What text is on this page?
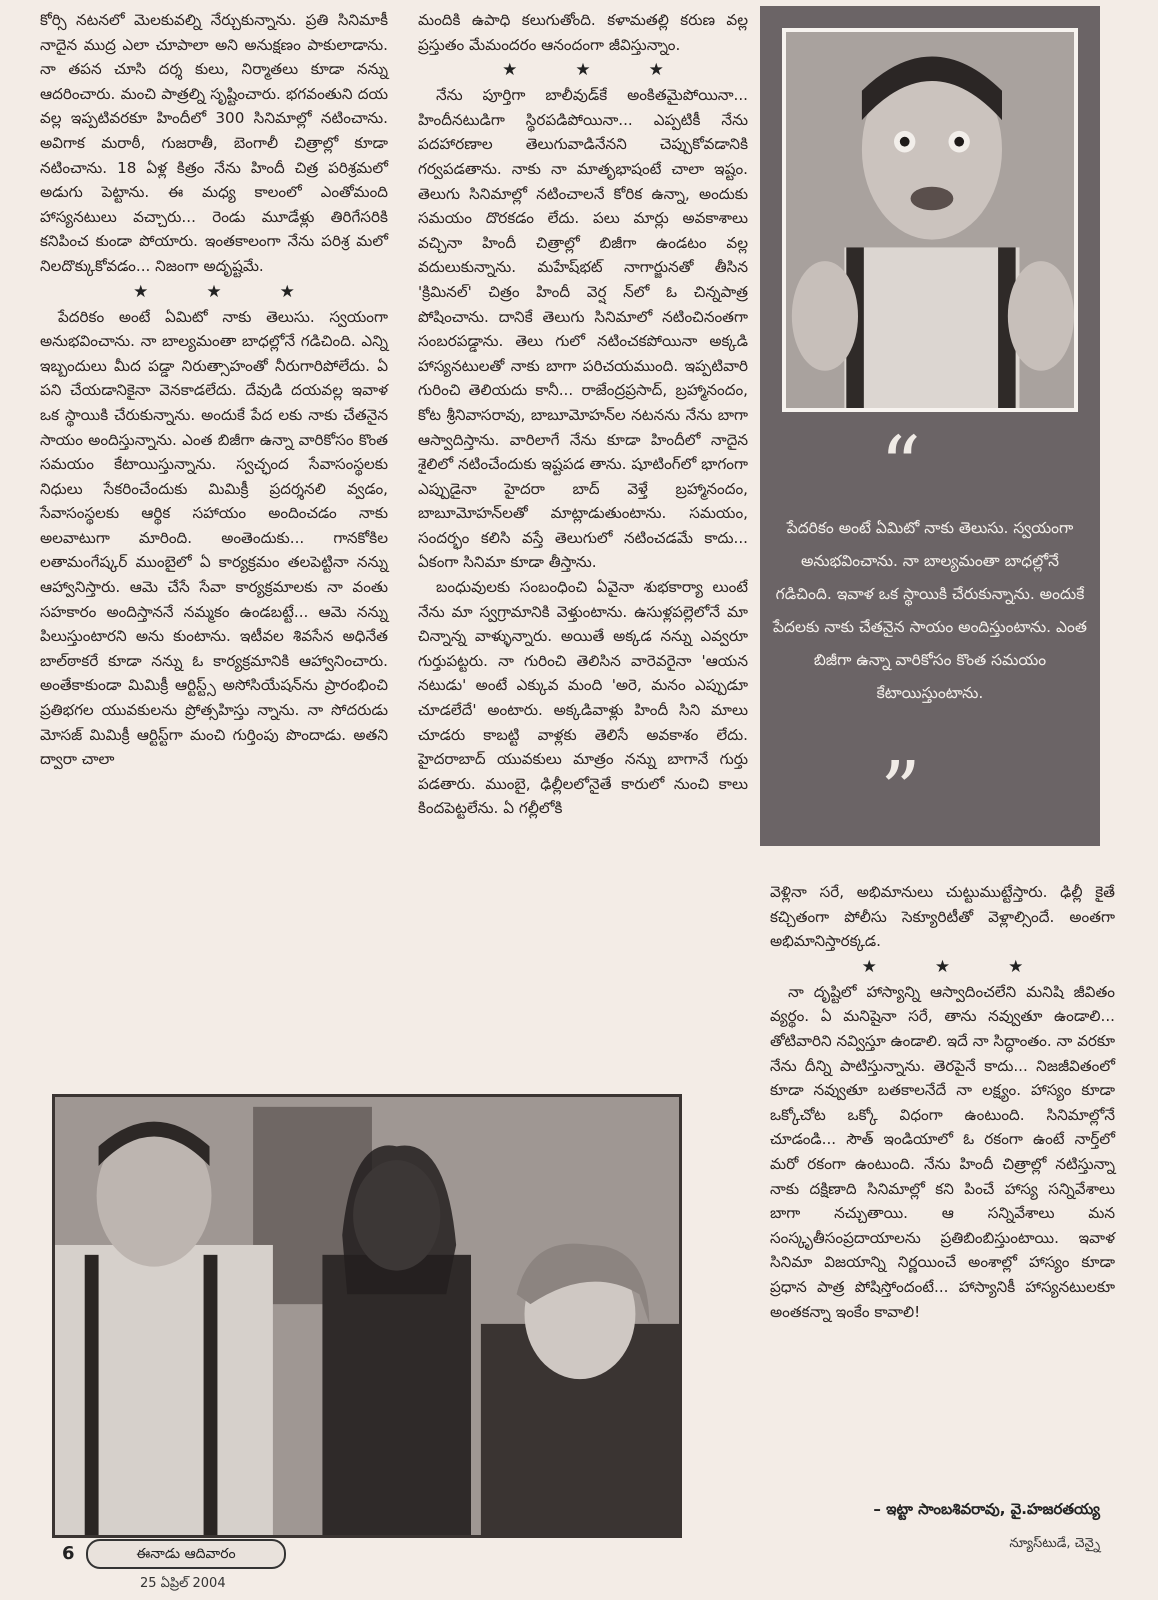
కోర్సి నటనలో మెలకువల్ని నేర్చుకున్నాను. ప్రతి సినిమాకీ నాదైన ముద్ర ఎలా చూపాలా అని అనుక్షణం పాకులాడాను. నా తపన చూసి దర్శ కులు, నిర్మాతలు కూడా నన్ను ఆదరించారు. మంచి పాత్రల్ని సృష్టించారు. భగవంతుని దయ వల్ల ఇప్పటివరకూ హిందీలో 300 సినిమాల్లో నటించాను. అవిగాక మరాఠీ, గుజరాతీ, బెంగాలీ చిత్రాల్లో కూడా నటించాను. 18 ఏళ్ల కిత్రం నేను హిందీ చిత్ర పరిశ్రమలో అడుగు పెట్టాను. ఈ మధ్య కాలంలో ఎంతోమంది హాస్యనటులు వచ్చారు... రెండు మూడేళ్లు తిరిగేసరికి కనిపించ కుండా పోయారు. ఇంతకాలంగా నేను పరిశ్ర మలో నిలదొక్కుకోవడం... నిజంగా అదృష్టమే.

★★★

పేదరికం అంటే ఏమిటో నాకు తెలుసు. స్వయంగా అనుభవించాను. నా బాల్యమంతా బాధల్లోనే గడిచింది. ఎన్ని ఇబ్బందులు మీద పడ్డా నిరుత్సాహంతో నీరుగారిపోలేదు. ఏ పని చేయడానికైనా వెనకాడలేదు. దేవుడి దయవల్ల ఇవాళ ఒక స్థాయికి చేరుకున్నాను. అందుకే పేద లకు నాకు చేతనైన సాయం అందిస్తున్నాను. ఎంత బిజీగా ఉన్నా వారికోసం కొంత సమయం కేటాయిస్తున్నాను. స్వచ్ఛంద సేవాసంస్థలకు నిధులు సేకరించేందుకు మిమిక్రీ ప్రదర్శనలి వ్వడం, సేవాసంస్థలకు ఆర్థిక సహాయం అందించడం నాకు అలవాటుగా మారింది. అంతెందుకు... గానకోకిల లతామంగేష్కర్ ముంబైలో ఏ కార్యక్రమం తలపెట్టినా నన్ను ఆహ్వానిస్తారు. ఆమె చేసే సేవా కార్యక్రమాలకు నా వంతు సహకారం అందిస్తాననే నమ్మకం ఉండబట్టే... ఆమె నన్ను పిలుస్తుంటారని అను కుంటాను. ఇటీవల శివసేన అధినేత బాల్‌ఠాకరే కూడా నన్ను ఓ కార్యక్రమానికి ఆహ్వానించారు. అంతేకాకుండా మిమిక్రీ ఆర్టిస్ట్స్ అసోసియేషన్‌ను ప్రారంభించి ప్రతిభగల యువకులను ప్రోత్సహిస్తు న్నాను. నా సోదరుడు మోసజ్ మిమిక్రీ ఆర్టిస్ట్‌గా మంచి గుర్తింపు పొందాడు. అతని ద్వారా చాలా

మందికి ఉపాధి కలుగుతోంది. కళామతల్లి కరుణ వల్ల ప్రస్తుతం మేమందరం ఆనందంగా జీవిస్తున్నాం.

★★★

నేను పూర్తిగా బాలీవుడ్‌కే అంకితమైపోయినా... హిందీనటుడిగా స్థిరపడిపోయినా... ఎప్పటికీ నేను పదహారణాల తెలుగువాడినేనని చెప్పుకోవడానికి గర్వపడతాను. నాకు నా మాతృభాషంటే చాలా ఇష్టం. తెలుగు సినిమాల్లో నటించాలనే కోరిక ఉన్నా, అందుకు సమయం దొరకడం లేదు. పలు మార్లు అవకాశాలు వచ్చినా హిందీ చిత్రాల్లో బిజీగా ఉండటం వల్ల వదులుకున్నాను. మహేష్‌భట్ నాగార్జునతో తీసిన 'క్రిమినల్' చిత్రం హిందీ వెర్ష న్‌లో ఓ చిన్నపాత్ర పోషించాను. దానికే తెలుగు సినిమాలో నటించినంతగా సంబరపడ్డాను. తెలు గులో నటించకపోయినా అక్కడి హాస్యనటులతో నాకు బాగా పరిచయముంది. ఇప్పటివారి గురించి తెలియదు కానీ... రాజేంద్రప్రసాద్, బ్రహ్మానందం, కోట శ్రీనివాసరావు, బాబూమోహన్‌ల నటనను నేను బాగా ఆస్వాదిస్తాను. వారిలాగే నేను కూడా హిందీలో నాదైన శైలిలో నటించేందుకు ఇష్టపడ తాను. షూటింగ్‌లో భాగంగా ఎప్పుడైనా హైదరా బాద్ వెళ్తే బ్రహ్మానందం, బాబూమోహన్‌లతో మాట్లాడుతుంటాను. సమయం, సందర్భం కలిసి వస్తే తెలుగులో నటించడమే కాదు... ఏకంగా సినిమా కూడా తీస్తాను.

బంధువులకు సంబంధించి ఏవైనా శుభకార్యా లుంటే నేను మా స్వగ్రామానికి వెళ్తుంటాను. ఉసుళ్లపల్లెలోనే మా చిన్నాన్న వాళ్ళున్నారు. అయితే అక్కడ నన్ను ఎవ్వరూ గుర్తుపట్టరు. నా గురించి తెలిసిన వారెవరైనా 'ఆయన నటుడు' అంటే ఎక్కువ మంది 'అరె, మనం ఎప్పుడూ చూడలేదే' అంటారు. అక్కడివాళ్లు హిందీ సిని మాలు చూడరు కాబట్టి వాళ్లకు తెలిసే అవకాశం లేదు. హైదరాబాద్ యువకులు మాత్రం నన్ను బాగానే గుర్తు పడతారు. ముంబై, ఢిల్లీలలోనైతే కారులో నుంచి కాలు కిందపెట్టలేను. ఏ గల్లీలోకి

“
పేదరికం అంటే ఏమిటో నాకు తెలుసు. స్వయంగా అనుభవించాను. నా బాల్యమంతా బాధల్లోనే గడిచింది. ఇవాళ ఒక స్థాయికి చేరుకున్నాను. అందుకే పేదలకు నాకు చేతనైన సాయం అందిస్తుంటాను. ఎంత బిజీగా ఉన్నా వారికోసం కొంత సమయం కేటాయిస్తుంటాను.
”

వెళ్లినా సరే, అభిమానులు చుట్టుముట్టేస్తారు. ఢిల్లీ కైతే కచ్చితంగా పోలీసు సెక్యూరిటీతో వెళ్లాల్సిందే. అంతగా అభిమానిస్తారక్కడ.

★★★

నా దృష్టిలో హాస్యాన్ని ఆస్వాదించలేని మనిషి జీవితం వ్యర్థం. ఏ మనిషైనా సరే, తాను నవ్వుతూ ఉండాలి... తోటివారిని నవ్విస్తూ ఉండాలి. ఇదే నా సిద్ధాంతం. నా వరకూ నేను దీన్ని పాటిస్తున్నాను. తెరపైనే కాదు... నిజజీవితంలో కూడా నవ్వుతూ బతకాలనేదే నా లక్ష్యం. హాస్యం కూడా ఒక్కోచోట ఒక్కో విధంగా ఉంటుంది. సినిమాల్లోనే చూడండి... సౌత్ ఇండియాలో ఓ రకంగా ఉంటే నార్త్‌లో మరో రకంగా ఉంటుంది. నేను హిందీ చిత్రాల్లో నటిస్తున్నా నాకు దక్షిణాది సినిమాల్లో కని పించే హాస్య సన్నివేశాలు బాగా నచ్చుతాయి. ఆ సన్నివేశాలు మన సంస్కృతీసంప్రదాయాలను ప్రతిబింబిస్తుంటాయి. ఇవాళ సినిమా విజయాన్ని నిర్ణయించే అంశాల్లో హాస్యం కూడా ప్రధాన పాత్ర పోషిస్తోందంటే... హాస్యానికీ హాస్యనటులకూ అంతకన్నా ఇంకేం కావాలి!

– ఇట్టా సాంబశివరావు, వై.హజరతయ్య
న్యూస్‌టుడే, చెన్నై
6	ఈనాడు ఆదివారం
25 ఏప్రిల్ 2004
